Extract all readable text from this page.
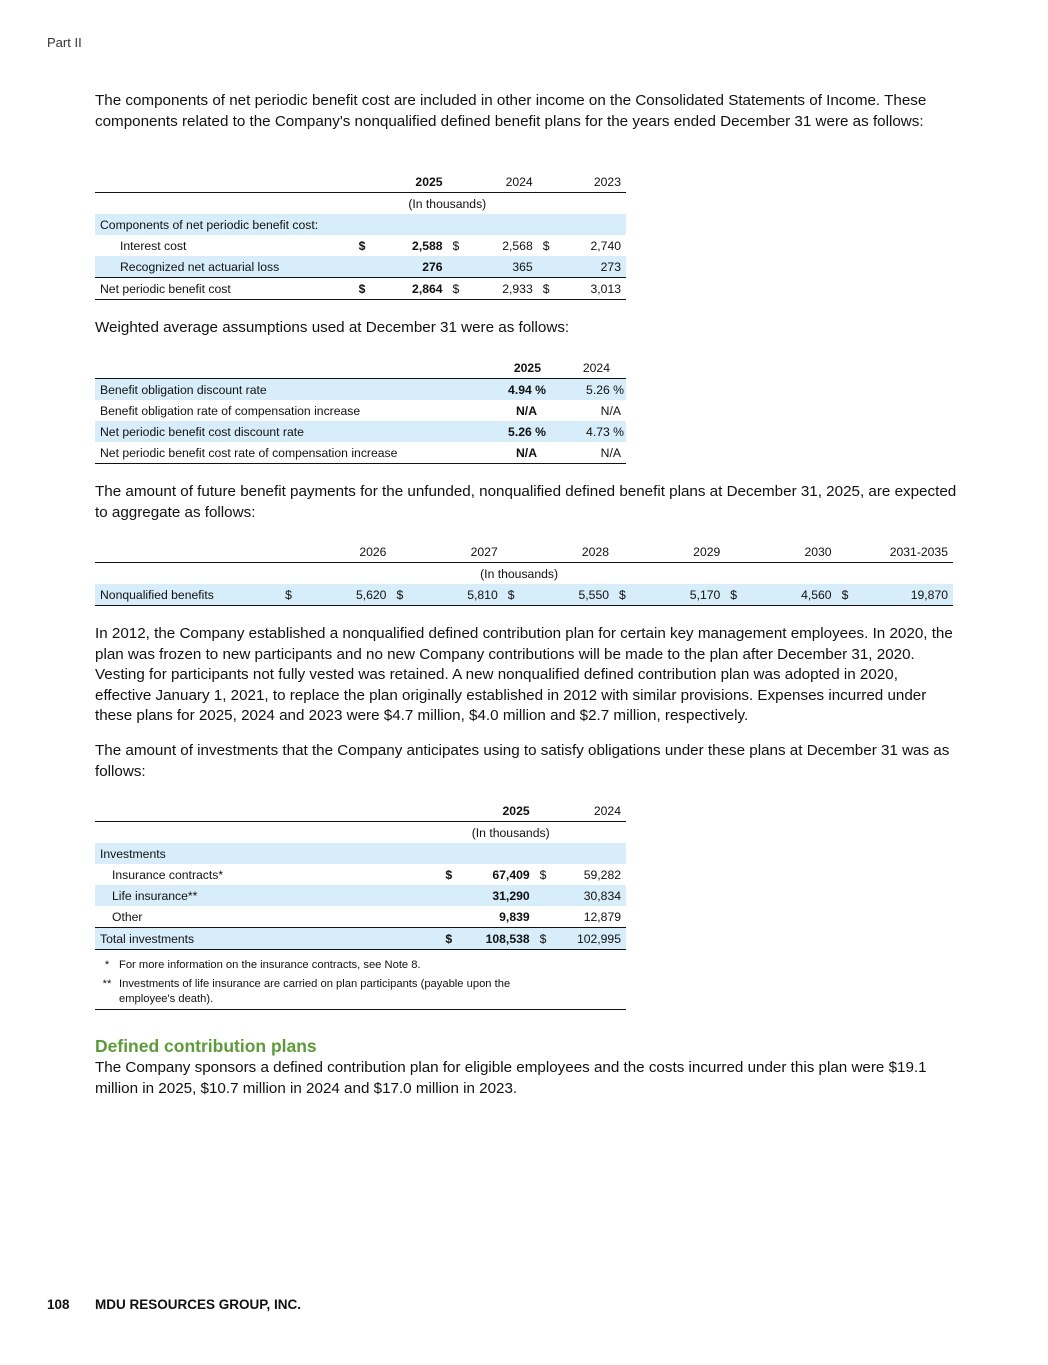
Part II

The components of net periodic benefit cost are included in other income on the Consolidated Statements of Income. These components related to the Company's nonqualified defined benefit plans for the years ended December 31 were as follows:

		2025		2024		2023
	(In thousands)					
Components of net periodic benefit cost:						
Interest cost	$	2,588	$	2,568	$	2,740
Recognized net actuarial loss		276		365		273
Net periodic benefit cost	$	2,864	$	2,933	$	3,013

Weighted average assumptions used at December 31 were as follows:

	2025	2024
Benefit obligation discount rate	4.94 %	5.26 %
Benefit obligation rate of compensation increase	N/A	N/A
Net periodic benefit cost discount rate	5.26 %	4.73 %
Net periodic benefit cost rate of compensation increase	N/A	N/A

The amount of future benefit payments for the unfunded, nonqualified defined benefit plans at December 31, 2025, are expected to aggregate as follows:

		2026		2027		2028		2029		2030		2031-2035
	(In thousands)											
Nonqualified benefits	$	5,620	$	5,810	$	5,550	$	5,170	$	4,560	$	19,870

In 2012, the Company established a nonqualified defined contribution plan for certain key management employees. In 2020, the plan was frozen to new participants and no new Company contributions will be made to the plan after December 31, 2020. Vesting for participants not fully vested was retained. A new nonqualified defined contribution plan was adopted in 2020, effective January 1, 2021, to replace the plan originally established in 2012 with similar provisions. Expenses incurred under these plans for 2025, 2024 and 2023 were $4.7 million, $4.0 million and $2.7 million, respectively.

The amount of investments that the Company anticipates using to satisfy obligations under these plans at December 31 was as follows:

		2025		2024
	(In thousands)			
Investments				
Insurance contracts*	$	67,409	$	59,282
Life insurance**		31,290		30,834
Other		9,839		12,879
Total investments	$	108,538	$	102,995
*	For more information on the insurance contracts, see Note 8.	
**	Investments of life insurance are carried on plan participants (payable upon the employee's death).	
Defined contribution plans

The Company sponsors a defined contribution plan for eligible employees and the costs incurred under this plan were $19.1 million in 2025, $10.7 million in 2024 and $17.0 million in 2023.

108 MDU RESOURCES GROUP, INC.
